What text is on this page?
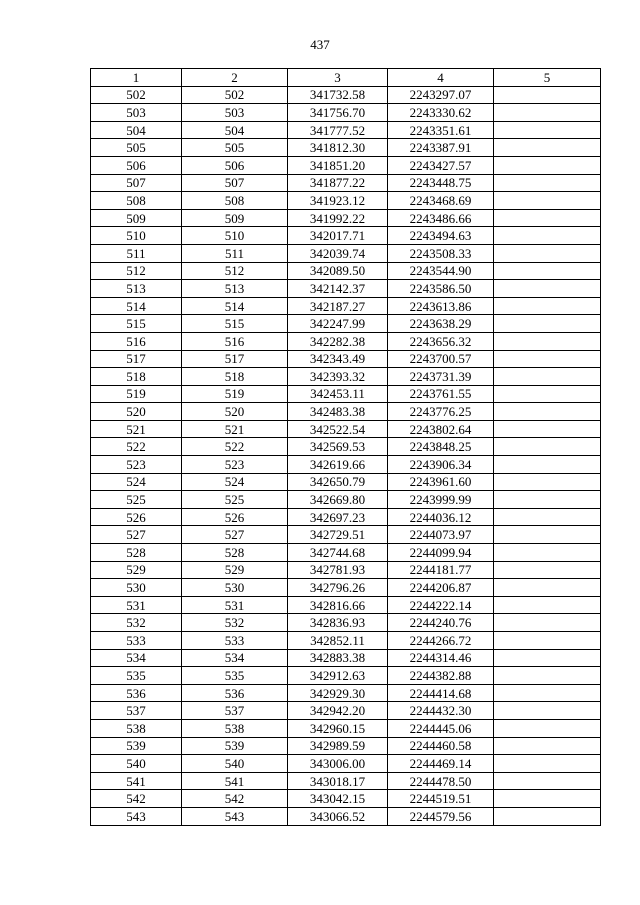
437
1	2	3	4	5
502	502	341732.58	2243297.07	
503	503	341756.70	2243330.62	
504	504	341777.52	2243351.61	
505	505	341812.30	2243387.91	
506	506	341851.20	2243427.57	
507	507	341877.22	2243448.75	
508	508	341923.12	2243468.69	
509	509	341992.22	2243486.66	
510	510	342017.71	2243494.63	
511	511	342039.74	2243508.33	
512	512	342089.50	2243544.90	
513	513	342142.37	2243586.50	
514	514	342187.27	2243613.86	
515	515	342247.99	2243638.29	
516	516	342282.38	2243656.32	
517	517	342343.49	2243700.57	
518	518	342393.32	2243731.39	
519	519	342453.11	2243761.55	
520	520	342483.38	2243776.25	
521	521	342522.54	2243802.64	
522	522	342569.53	2243848.25	
523	523	342619.66	2243906.34	
524	524	342650.79	2243961.60	
525	525	342669.80	2243999.99	
526	526	342697.23	2244036.12	
527	527	342729.51	2244073.97	
528	528	342744.68	2244099.94	
529	529	342781.93	2244181.77	
530	530	342796.26	2244206.87	
531	531	342816.66	2244222.14	
532	532	342836.93	2244240.76	
533	533	342852.11	2244266.72	
534	534	342883.38	2244314.46	
535	535	342912.63	2244382.88	
536	536	342929.30	2244414.68	
537	537	342942.20	2244432.30	
538	538	342960.15	2244445.06	
539	539	342989.59	2244460.58	
540	540	343006.00	2244469.14	
541	541	343018.17	2244478.50	
542	542	343042.15	2244519.51	
543	543	343066.52	2244579.56	
